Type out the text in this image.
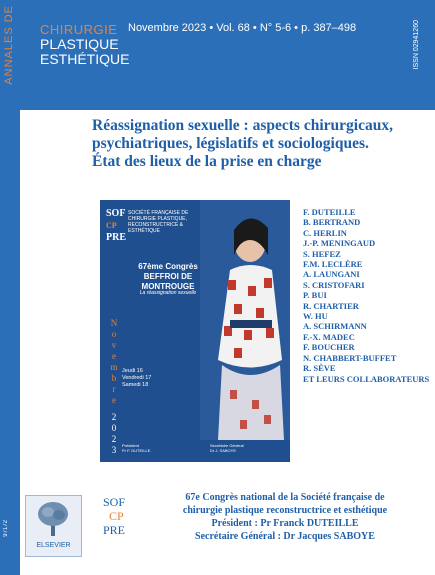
ANNALES DE
97172
CHIRURGIE
PLASTIQUE
ESTHÉTIQUE
Novembre 2023 • Vol. 68 • N° 5-6 • p. 387–498	ISSN 02941260
Réassignation sexuelle : aspects chirurgicaux,
psychiatriques, législatifs et sociologiques.
État des lieux de la prise en charge
SOF
CP
PRE
SOCIÉTÉ FRANÇAISE DE CHIRURGIE PLASTIQUE, RECONSTRUCTRICE & ESTHÉTIQUE
67ème Congrès
BEFFROI DE MONTROUGE
La réassignation sexuelle
N
o
v
e
m
b
r
e
2
0
2
3
Jeudi 16
Vendredi 17
Samedi 18
Président
Pr F. DUTEILLE
Secrétaire Général
Dr J. SABOYE
F. DUTEILLE
B. BERTRAND
C. HERLIN
J.-P. MENINGAUD
S. HEFEZ
F.M. LECLÈRE
A. LAUNGANI
S. CRISTOFARI
P. BUI
R. CHARTIER
W. HU
A. SCHIRMANN
F.-X. MADEC
F. BOUCHER
N. CHABBERT-BUFFET
R. SÈVE
ET LEURS COLLABORATEURS
ELSEVIER
SOF
CP
PRE
67e Congrès national de la Société française de
chirurgie plastique reconstructrice et esthétique
Président : Pr Franck DUTEILLE
Secrétaire Général : Dr Jacques SABOYE
